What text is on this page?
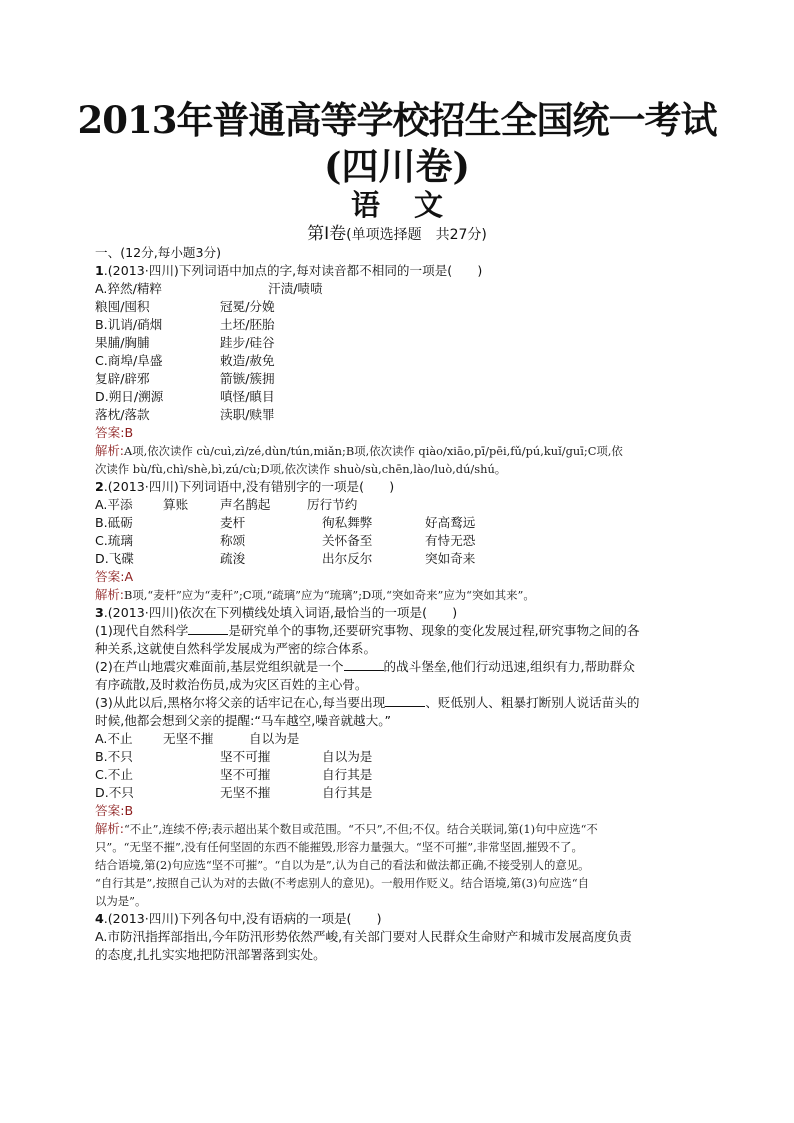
2013年普通高等学校招生全国统一考试
(四川卷)
语文
第Ⅰ卷(单项选择题　共27分)
一、(12分,每小题3分)
1.(2013·四川)下列词语中加点的字,每对读音都不相同的一项是(　　)
A.猝然/精粹	汗渍/啧啧
粮囤/囤积	冠冕/分娩
B.讥诮/硝烟	土坯/胚胎
果脯/胸脯	跬步/硅谷
C.商埠/阜盛	敕造/赦免
复辟/辟邪	箭镞/簇拥
D.朔日/溯源	嗔怪/瞋目
落枕/落款	渎职/赎罪
答案:B
解析:A项,依次读作 cù/cuì,zì/zé,dùn/tún,miǎn;B项,依次读作 qiào/xiāo,pī/pēi,fǔ/pú,kuǐ/guī;C项,依
次读作 bù/fù,chì/shè,bì,zú/cù;D项,依次读作 shuò/sù,chēn,lào/luò,dú/shú。
2.(2013·四川)下列词语中,没有错别字的一项是(　　)
A.平添 算账	声名鹊起	厉行节约
B.砥砺	麦杆	徇私舞弊	好高鹜远
C.琉璃	称颂	关怀备至	有恃无恐
D.飞碟	疏浚	出尔反尔	突如奇来
答案:A
解析:B项,“麦杆”应为“麦秆”;C项,“疏璃”应为“琉璃”;D项,“突如奇来”应为“突如其来”。
3.(2013·四川)依次在下列横线处填入词语,最恰当的一项是(　　)
(1)现代自然科学	是研究单个的事物,还要研究事物、现象的变化发展过程,研究事物之间的各
种关系,这就使自然科学发展成为严密的综合体系。
(2)在芦山地震灾难面前,基层党组织就是一个	的战斗堡垒,他们行动迅速,组织有力,帮助群众
有序疏散,及时救治伤员,成为灾区百姓的主心骨。
(3)从此以后,黑格尔将父亲的话牢记在心,每当要出现	、贬低别人、粗暴打断别人说话苗头的
时候,他都会想到父亲的提醒:“马车越空,噪音就越大。”
A.不止 无坚不摧	自以为是
B.不只	坚不可摧	自以为是
C.不止	坚不可摧	自行其是
D.不只	无坚不摧	自行其是
答案:B
解析:“不止”,连续不停;表示超出某个数目或范围。“不只”,不但;不仅。结合关联词,第(1)句中应选“不
只”。“无坚不摧”,没有任何坚固的东西不能摧毁,形容力量强大。“坚不可摧”,非常坚固,摧毁不了。
结合语境,第(2)句应选“坚不可摧”。“自以为是”,认为自己的看法和做法都正确,不接受别人的意见。
“自行其是”,按照自己认为对的去做(不考虑别人的意见)。一般用作贬义。结合语境,第(3)句应选“自
以为是”。
4.(2013·四川)下列各句中,没有语病的一项是(　　)
A.市防汛指挥部指出,今年防汛形势依然严峻,有关部门要对人民群众生命财产和城市发展高度负责
的态度,扎扎实实地把防汛部署落到实处。
